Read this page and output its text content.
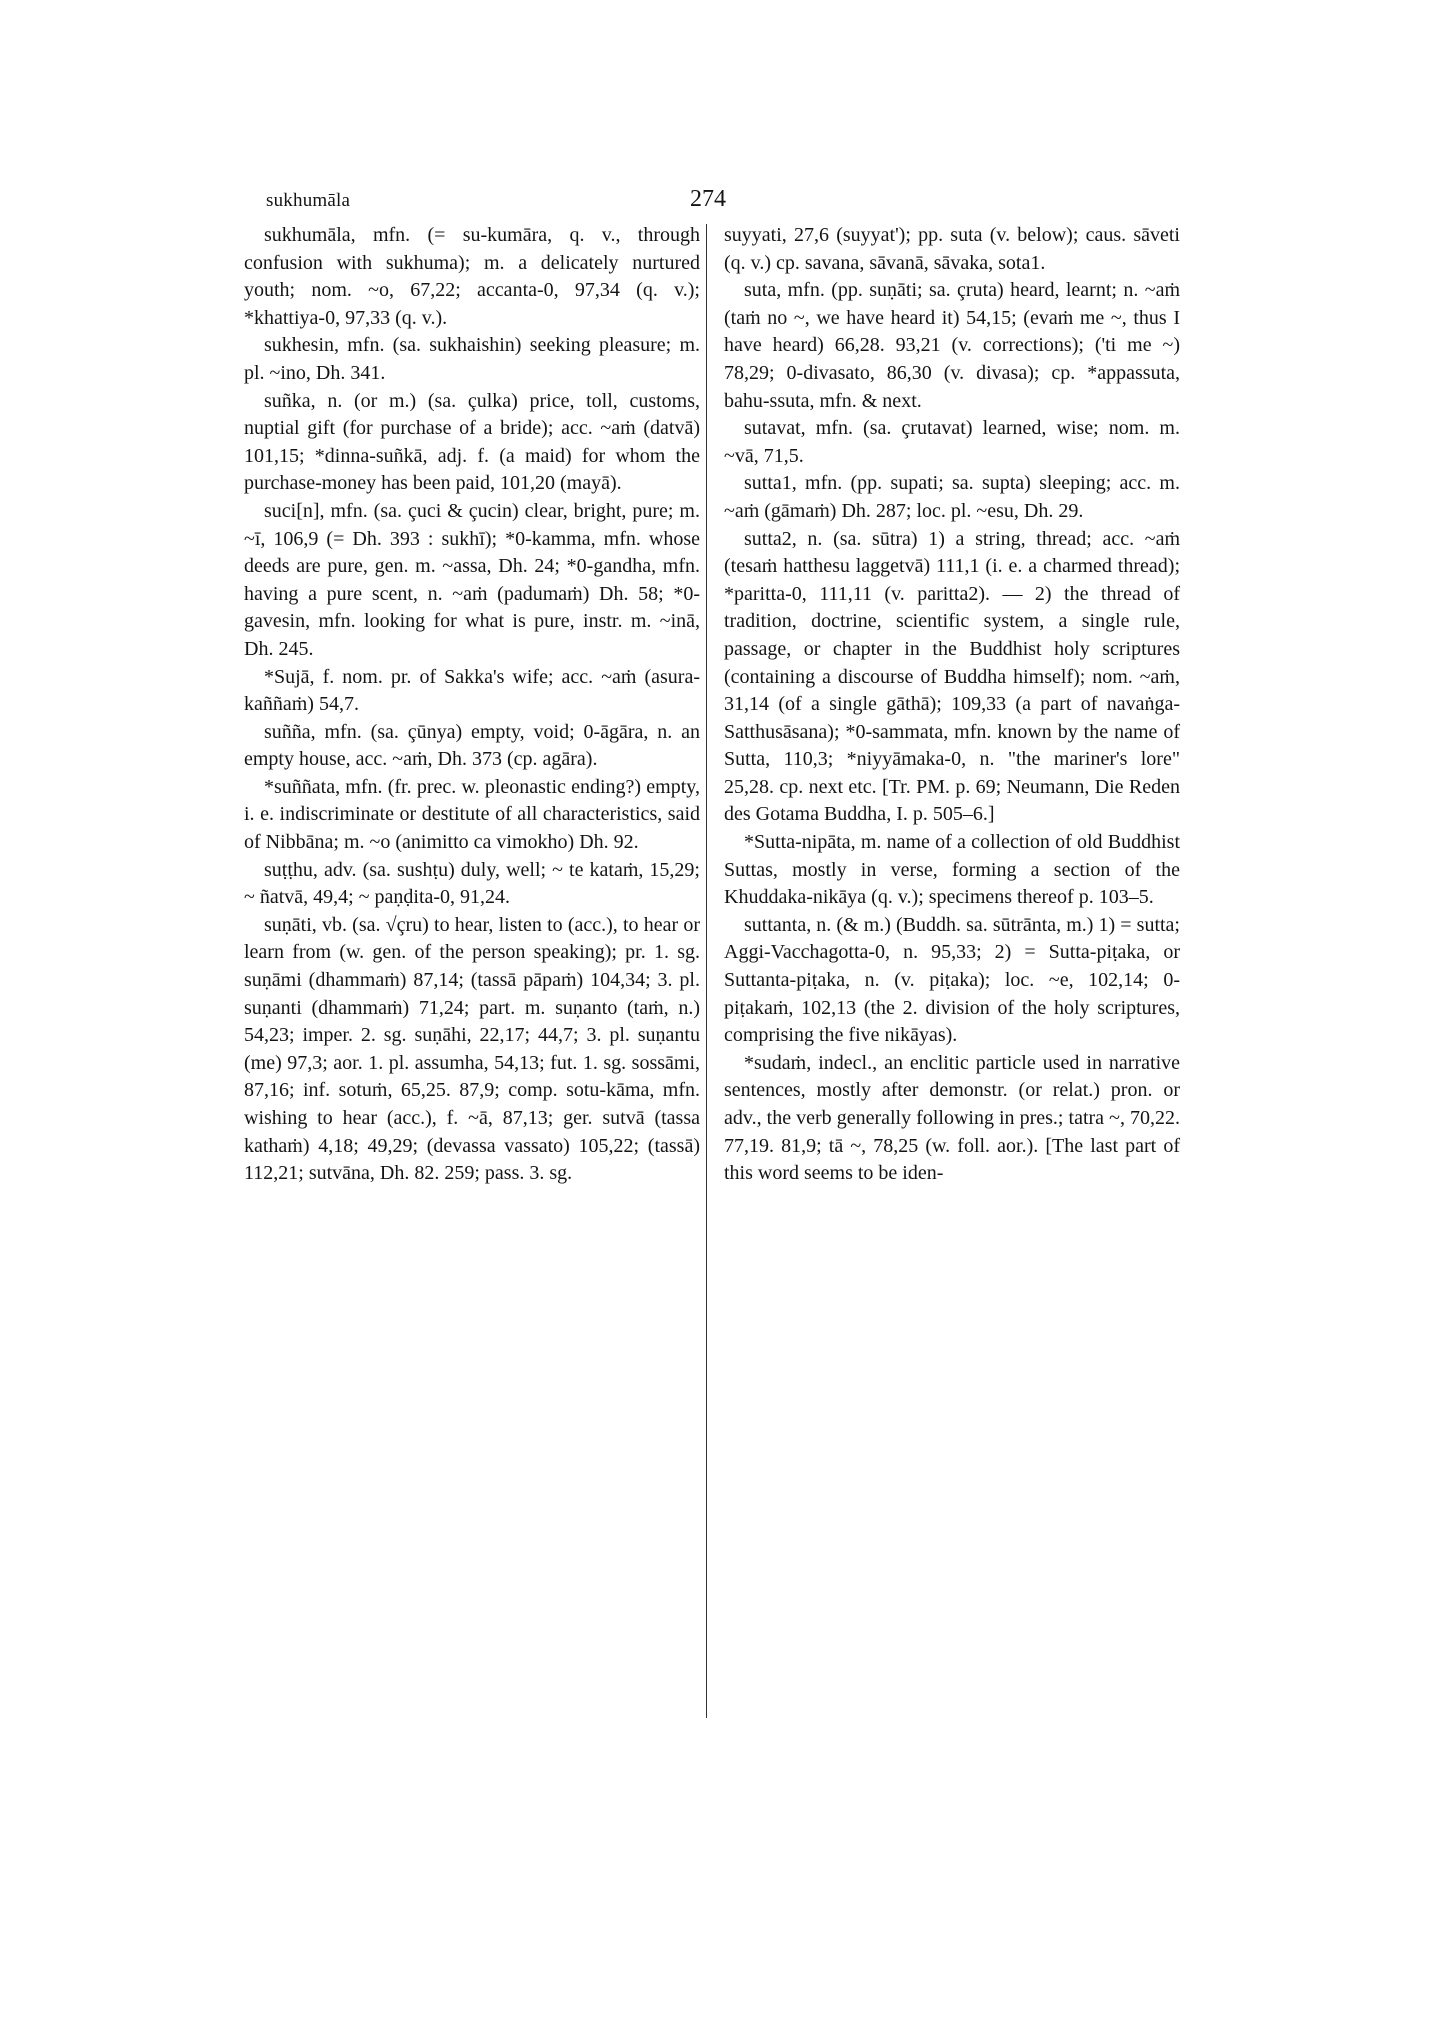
sukhumāla	274

sukhumāla, mfn. (= su-kumāra, q. v., through confusion with sukhuma); m. a delicately nurtured youth; nom. ~o, 67,22; accanta-0, 97,34 (q. v.); *khattiya-0, 97,33 (q. v.).

sukhesin, mfn. (sa. sukhaishin) seeking pleasure; m. pl. ~ino, Dh. 341.

suñka, n. (or m.) (sa. çulka) price, toll, customs, nuptial gift (for purchase of a bride); acc. ~aṁ (datvā) 101,15; *dinna-suñkā, adj. f. (a maid) for whom the purchase-money has been paid, 101,20 (mayā).

suci[n], mfn. (sa. çuci & çucin) clear, bright, pure; m. ~ī, 106,9 (= Dh. 393 : sukhī); *0-kamma, mfn. whose deeds are pure, gen. m. ~assa, Dh. 24; *0-gandha, mfn. having a pure scent, n. ~aṁ (padumaṁ) Dh. 58; *0-gavesin, mfn. looking for what is pure, instr. m. ~inā, Dh. 245.

*Sujā, f. nom. pr. of Sakka's wife; acc. ~aṁ (asura-kaññaṁ) 54,7.

suñña, mfn. (sa. çūnya) empty, void; 0-āgāra, n. an empty house, acc. ~aṁ, Dh. 373 (cp. agāra).

*suññata, mfn. (fr. prec. w. pleonastic ending?) empty, i. e. indiscriminate or destitute of all characteristics, said of Nibbāna; m. ~o (animitto ca vimokho) Dh. 92.

suṭṭhu, adv. (sa. sushṭu) duly, well; ~ te kataṁ, 15,29; ~ ñatvā, 49,4; ~ paṇḍita-0, 91,24.

suṇāti, vb. (sa. √çru) to hear, listen to (acc.), to hear or learn from (w. gen. of the person speaking); pr. 1. sg. suṇāmi (dhammaṁ) 87,14; (tassā pāpaṁ) 104,34; 3. pl. suṇanti (dhammaṁ) 71,24; part. m. suṇanto (taṁ, n.) 54,23; imper. 2. sg. suṇāhi, 22,17; 44,7; 3. pl. suṇantu (me) 97,3; aor. 1. pl. assumha, 54,13; fut. 1. sg. sossāmi, 87,16; inf. sotuṁ, 65,25. 87,9; comp. sotu-kāma, mfn. wishing to hear (acc.), f. ~ā, 87,13; ger. sutvā (tassa kathaṁ) 4,18; 49,29; (devassa vassato) 105,22; (tassā) 112,21; sutvāna, Dh. 82. 259; pass. 3. sg.

suyyati, 27,6 (suyyat'); pp. suta (v. below); caus. sāveti (q. v.) cp. savana, sāvanā, sāvaka, sota1.

suta, mfn. (pp. suṇāti; sa. çruta) heard, learnt; n. ~aṁ (taṁ no ~, we have heard it) 54,15; (evaṁ me ~, thus I have heard) 66,28. 93,21 (v. corrections); ('ti me ~) 78,29; 0-divasato, 86,30 (v. divasa); cp. *appassuta, bahu-ssuta, mfn. & next.

sutavat, mfn. (sa. çrutavat) learned, wise; nom. m. ~vā, 71,5.

sutta1, mfn. (pp. supati; sa. supta) sleeping; acc. m. ~aṁ (gāmaṁ) Dh. 287; loc. pl. ~esu, Dh. 29.

sutta2, n. (sa. sūtra) 1) a string, thread; acc. ~aṁ (tesaṁ hatthesu laggetvā) 111,1 (i. e. a charmed thread); *paritta-0, 111,11 (v. paritta2). — 2) the thread of tradition, doctrine, scientific system, a single rule, passage, or chapter in the Buddhist holy scriptures (containing a discourse of Buddha himself); nom. ~aṁ, 31,14 (of a single gāthā); 109,33 (a part of navaṅga-Satthusāsana); *0-sammata, mfn. known by the name of Sutta, 110,3; *niyyāmaka-0, n. "the mariner's lore" 25,28. cp. next etc. [Tr. PM. p. 69; Neumann, Die Reden des Gotama Buddha, I. p. 505–6.]

*Sutta-nipāta, m. name of a collection of old Buddhist Suttas, mostly in verse, forming a section of the Khuddaka-nikāya (q. v.); specimens thereof p. 103–5.

suttanta, n. (& m.) (Buddh. sa. sūtrānta, m.) 1) = sutta; Aggi-Vacchagotta-0, n. 95,33; 2) = Sutta-piṭaka, or Suttanta-piṭaka, n. (v. piṭaka); loc. ~e, 102,14; 0-piṭakaṁ, 102,13 (the 2. division of the holy scriptures, comprising the five nikāyas).

*sudaṁ, indecl., an enclitic particle used in narrative sentences, mostly after demonstr. (or relat.) pron. or adv., the verb generally following in pres.; tatra ~, 70,22. 77,19. 81,9; tā ~, 78,25 (w. foll. aor.). [The last part of this word seems to be iden-
